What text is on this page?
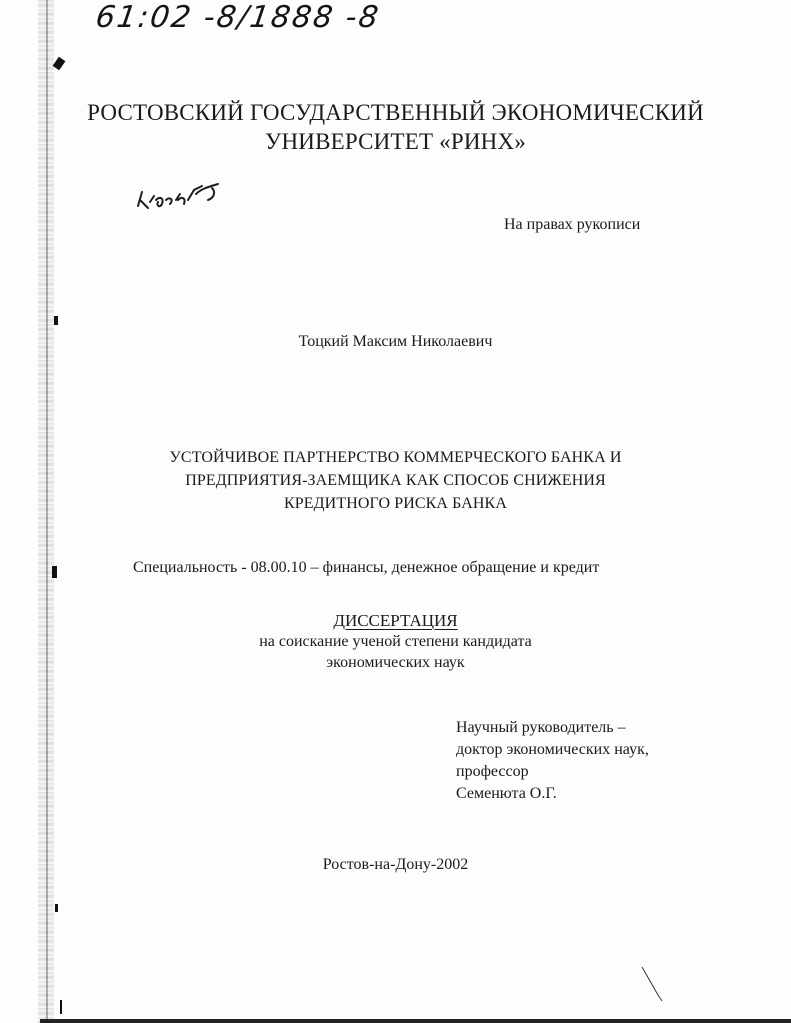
61:02 -8/1888 -8
РОСТОВСКИЙ ГОСУДАРСТВЕННЫЙ ЭКОНОМИЧЕСКИЙ
УНИВЕРСИТЕТ «РИНХ»
На правах рукописи
Тоцкий Максим Николаевич
УСТОЙЧИВОЕ ПАРТНЕРСТВО КОММЕРЧЕСКОГО БАНКА И
ПРЕДПРИЯТИЯ-ЗАЕМЩИКА КАК СПОСОБ СНИЖЕНИЯ
КРЕДИТНОГО РИСКА БАНКА
Специальность - 08.00.10 – финансы, денежное обращение и кредит
ДИССЕРТАЦИЯ
на соискание ученой степени кандидата
экономических наук
Научный руководитель –
доктор экономических наук,
профессор
Семенюта О.Г.
Ростов-на-Дону-2002
